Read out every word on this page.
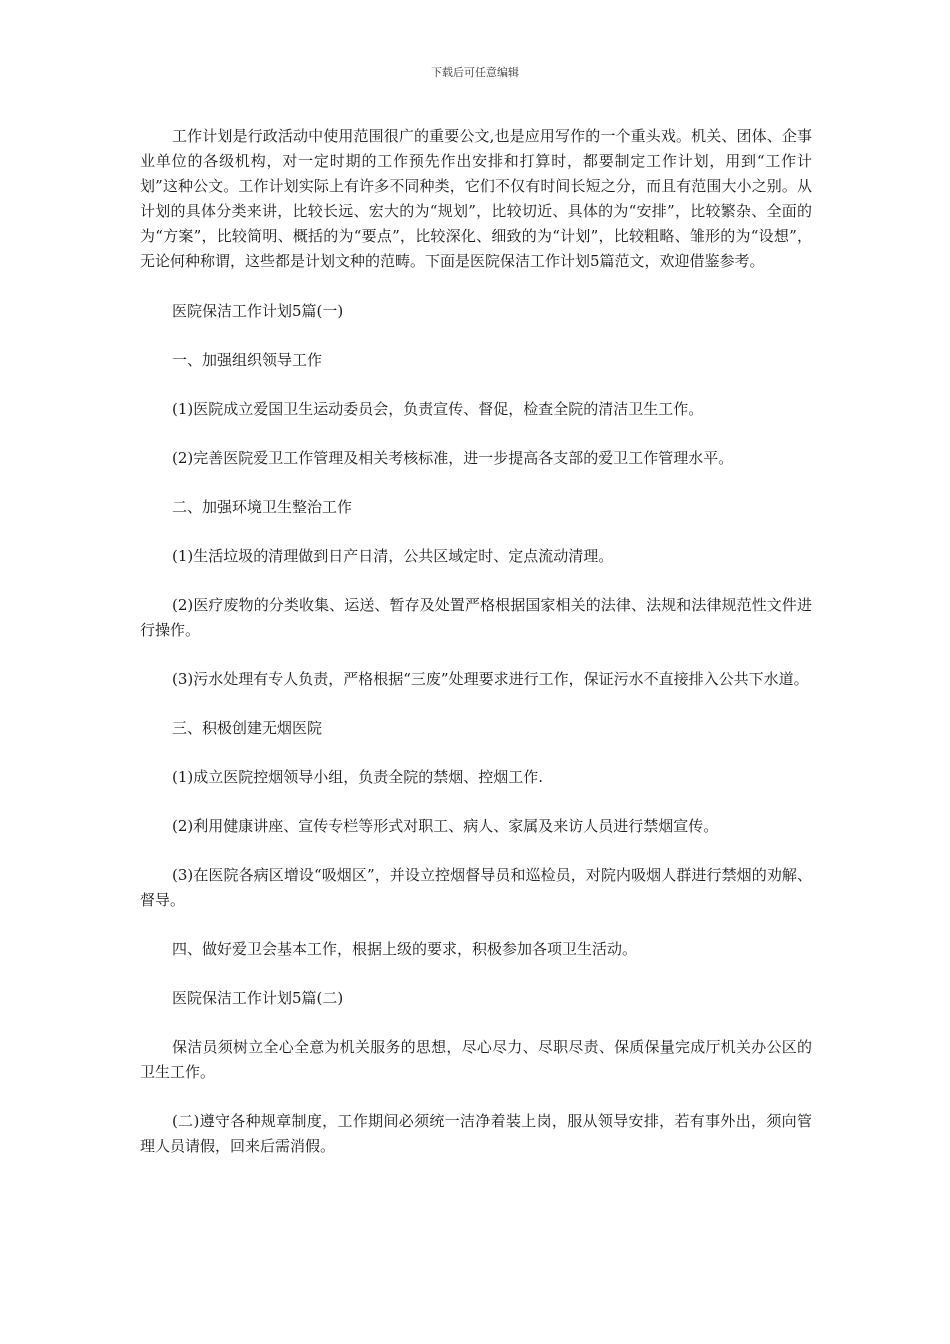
下载后可任意编辑

工作计划是行政活动中使用范围很广的重要公文,也是应用写作的一个重头戏。机关、团体、企事业单位的各级机构，对一定时期的工作预先作出安排和打算时，都要制定工作计划，用到“工作计划”这种公文。工作计划实际上有许多不同种类，它们不仅有时间长短之分，而且有范围大小之别。从计划的具体分类来讲，比较长远、宏大的为“规划”，比较切近、具体的为“安排”，比较繁杂、全面的为“方案”，比较简明、概括的为“要点”，比较深化、细致的为“计划”，比较粗略、雏形的为“设想”，无论何种称谓，这些都是计划文种的范畴。下面是医院保洁工作计划5篇范文，欢迎借鉴参考。

医院保洁工作计划5篇(一)

一、加强组织领导工作

(1)医院成立爱国卫生运动委员会，负责宣传、督促，检查全院的清洁卫生工作。

(2)完善医院爱卫工作管理及相关考核标准，进一步提高各支部的爱卫工作管理水平。

二、加强环境卫生整治工作

(1)生活垃圾的清理做到日产日清，公共区域定时、定点流动清理。

(2)医疗废物的分类收集、运送、暂存及处置严格根据国家相关的法律、法规和法律规范性文件进行操作。

(3)污水处理有专人负责，严格根据“三废”处理要求进行工作，保证污水不直接排入公共下水道。

三、积极创建无烟医院

(1)成立医院控烟领导小组，负责全院的禁烟、控烟工作.

(2)利用健康讲座、宣传专栏等形式对职工、病人、家属及来访人员进行禁烟宣传。

(3)在医院各病区增设“吸烟区”，并设立控烟督导员和巡检员，对院内吸烟人群进行禁烟的劝解、督导。

四、做好爱卫会基本工作，根据上级的要求，积极参加各项卫生活动。

医院保洁工作计划5篇(二)

保洁员须树立全心全意为机关服务的思想，尽心尽力、尽职尽责、保质保量完成厅机关办公区的卫生工作。

(二)遵守各种规章制度，工作期间必须统一洁净着装上岗，服从领导安排，若有事外出，须向管理人员请假，回来后需消假。
